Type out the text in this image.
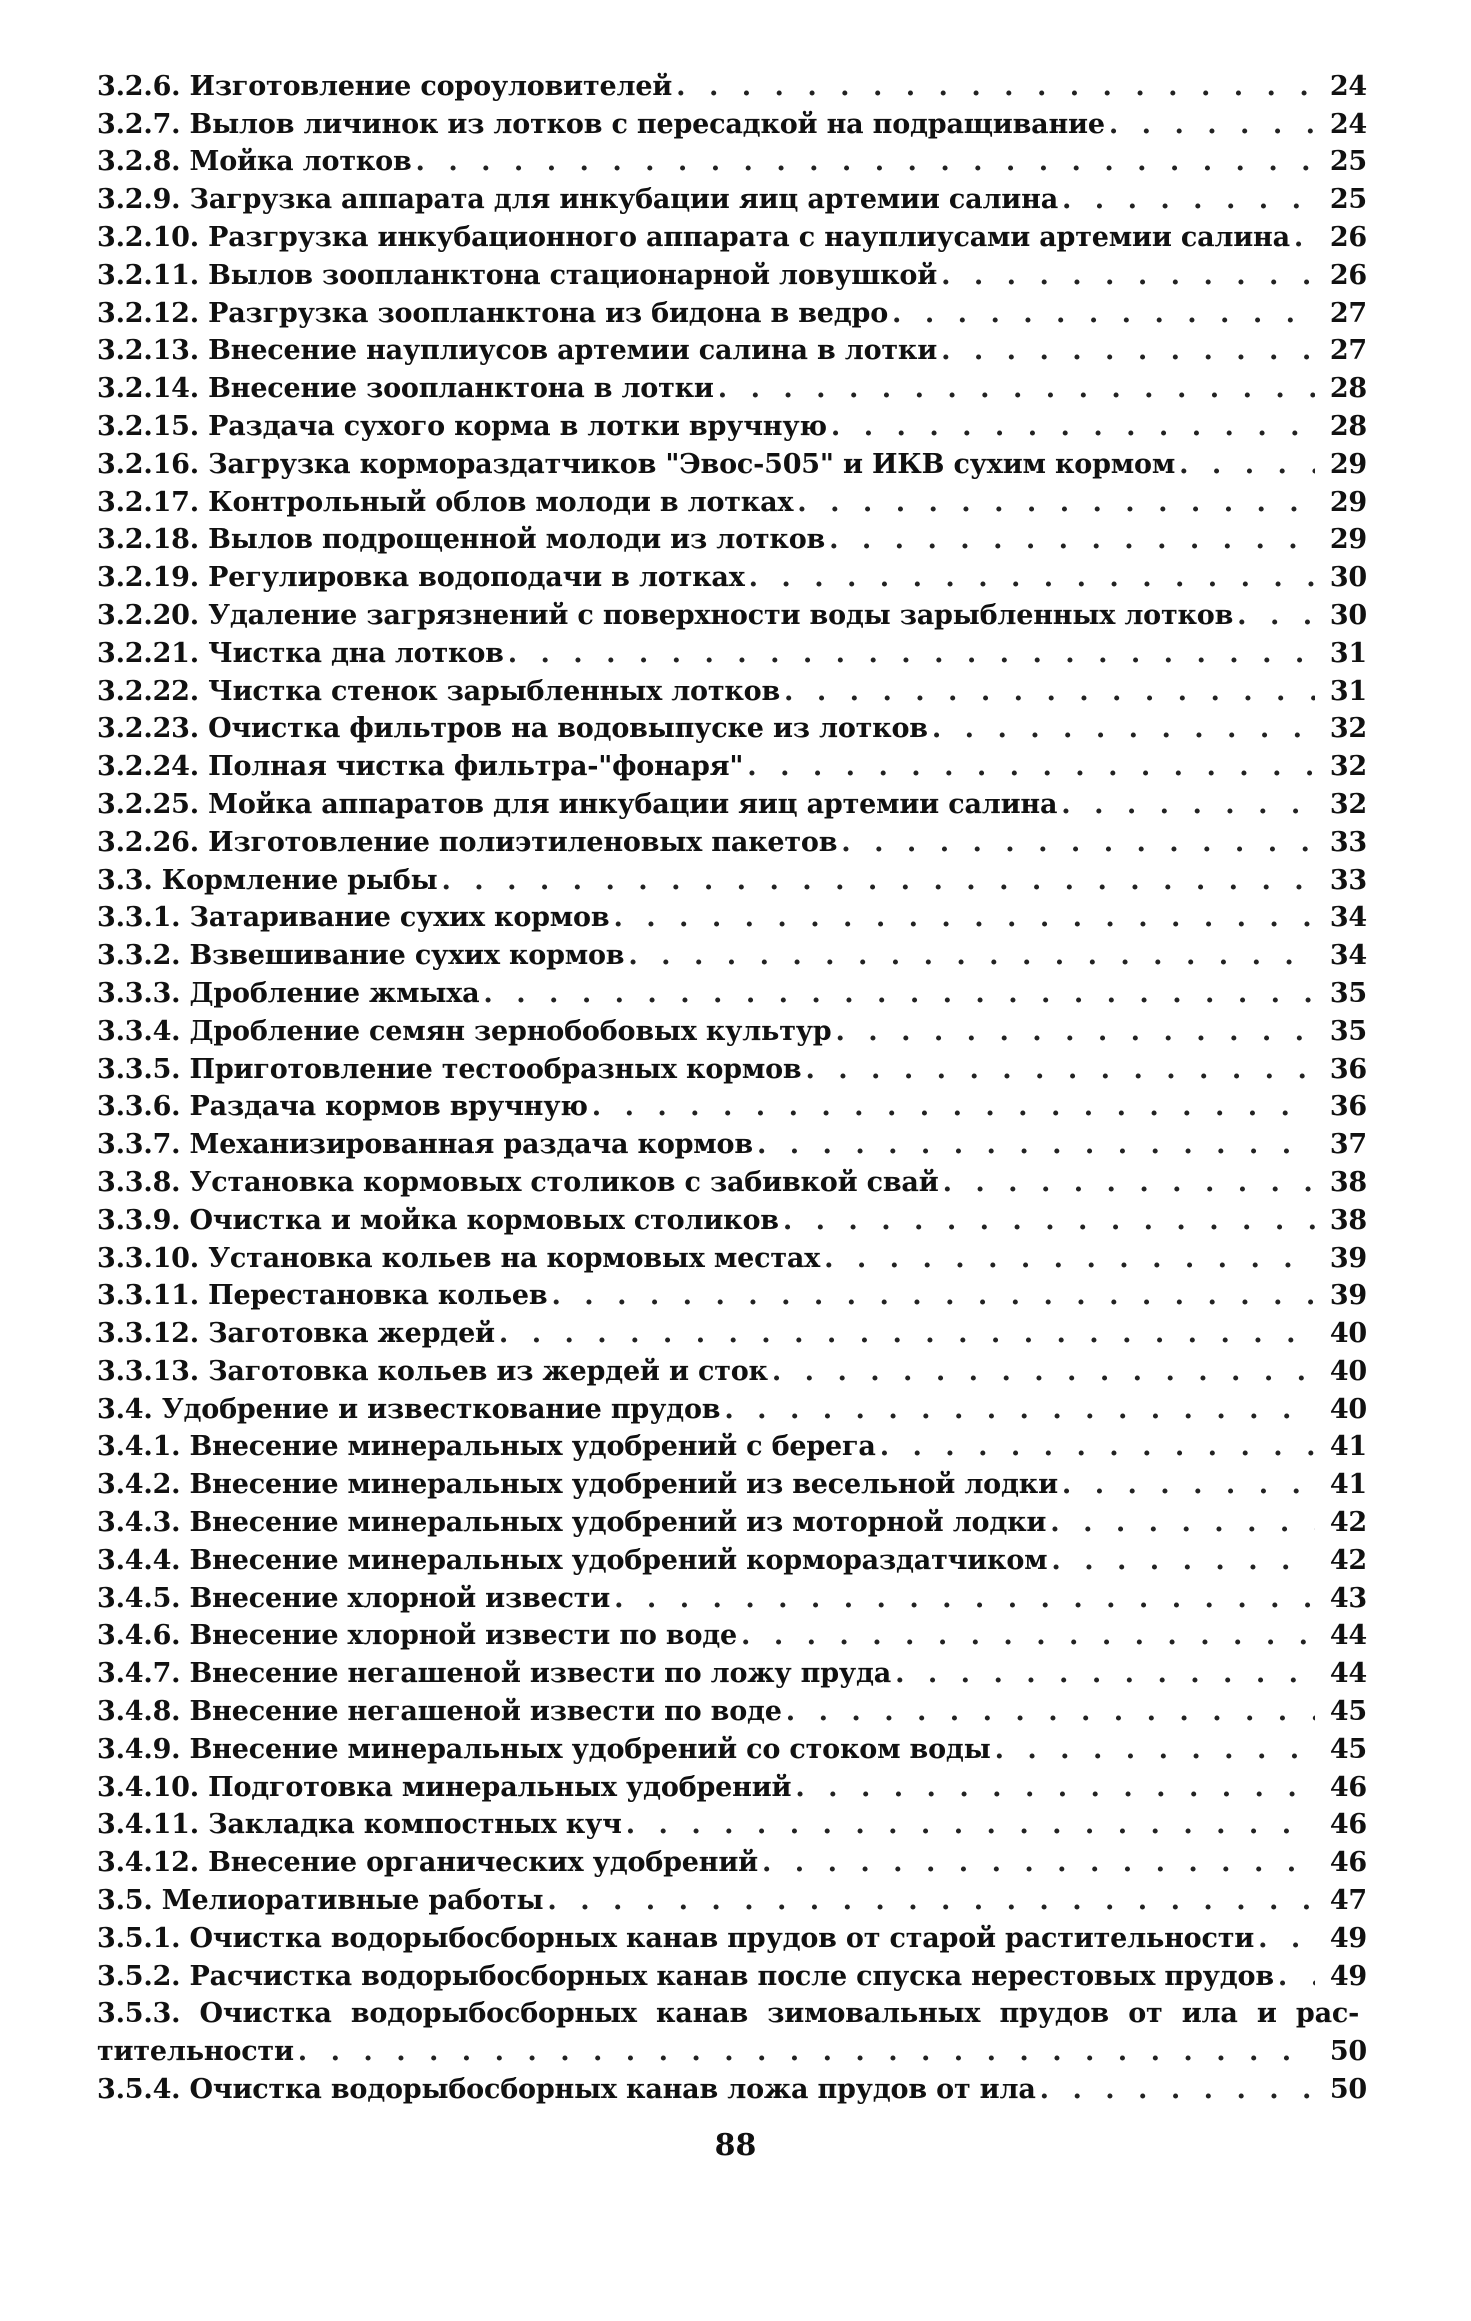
3.2.6. Изготовление сороуловителей . . .	24
3.2.7. Вылов личинок из лотков с пересадкой на подращивание . . .	24
3.2.8. Мойка лотков . . .	25
3.2.9. Загрузка аппарата для инкубации яиц артемии салина . . .	25
3.2.10. Разгрузка инкубационного аппарата с науплиусами артемии салина . . .	26
3.2.11. Вылов зоопланктона стационарной ловушкой . . .	26
3.2.12. Разгрузка зоопланктона из бидона в ведро . . .	27
3.2.13. Внесение науплиусов артемии салина в лотки . . .	27
3.2.14. Внесение зоопланктона в лотки . . .	28
3.2.15. Раздача сухого корма в лотки вручную . . .	28
3.2.16. Загрузка кормораздатчиков "Эвос-505" и ИКВ сухим кормом . . .	29
3.2.17. Контрольный облов молоди в лотках . . .	29
3.2.18. Вылов подрощенной молоди из лотков . . .	29
3.2.19. Регулировка водоподачи в лотках . . .	30
3.2.20. Удаление загрязнений с поверхности воды зарыбленных лотков . . .	30
3.2.21. Чистка дна лотков . . .	31
3.2.22. Чистка стенок зарыбленных лотков . . .	31
3.2.23. Очистка фильтров на водовыпуске из лотков . . .	32
3.2.24. Полная чистка фильтра-"фонаря" . . .	32
3.2.25. Мойка аппаратов для инкубации яиц артемии салина . . .	32
3.2.26. Изготовление полиэтиленовых пакетов . . .	33
3.3. Кормление рыбы . . .	33
3.3.1. Затаривание сухих кормов . . .	34
3.3.2. Взвешивание сухих кормов . . .	34
3.3.3. Дробление жмыха . . .	35
3.3.4. Дробление семян зернобобовых культур . . .	35
3.3.5. Приготовление тестообразных кормов . . .	36
3.3.6. Раздача кормов вручную . . .	36
3.3.7. Механизированная раздача кормов . . .	37
3.3.8. Установка кормовых столиков с забивкой свай . . .	38
3.3.9. Очистка и мойка кормовых столиков . . .	38
3.3.10. Установка кольев на кормовых местах . . .	39
3.3.11. Перестановка кольев . . .	39
3.3.12. Заготовка жердей . . .	40
3.3.13. Заготовка кольев из жердей и сток . . .	40
3.4. Удобрение и известкование прудов . . .	40
3.4.1. Внесение минеральных удобрений с берега . . .	41
3.4.2. Внесение минеральных удобрений из весельной лодки . . .	41
3.4.3. Внесение минеральных удобрений из моторной лодки . . .	42
3.4.4. Внесение минеральных удобрений кормораздатчиком . . .	42
3.4.5. Внесение хлорной извести . . .	43
3.4.6. Внесение хлорной извести по воде . . .	44
3.4.7. Внесение негашеной извести по ложу пруда . . .	44
3.4.8. Внесение негашеной извести по воде . . .	45
3.4.9. Внесение минеральных удобрений со стоком воды . . .	45
3.4.10. Подготовка минеральных удобрений . . .	46
3.4.11. Закладка компостных куч . . .	46
3.4.12. Внесение органических удобрений . . .	46
3.5. Мелиоративные работы . . .	47
3.5.1. Очистка водорыбосборных канав прудов от старой растительности . . .	49
3.5.2. Расчистка водорыбосборных канав после спуска нерестовых прудов . . .	49
3.5.3. Очистка водорыбосборных канав зимовальных прудов от ила и рас-
тительности . . .	50
3.5.4. Очистка водорыбосборных канав ложа прудов от ила . . .	50
88
